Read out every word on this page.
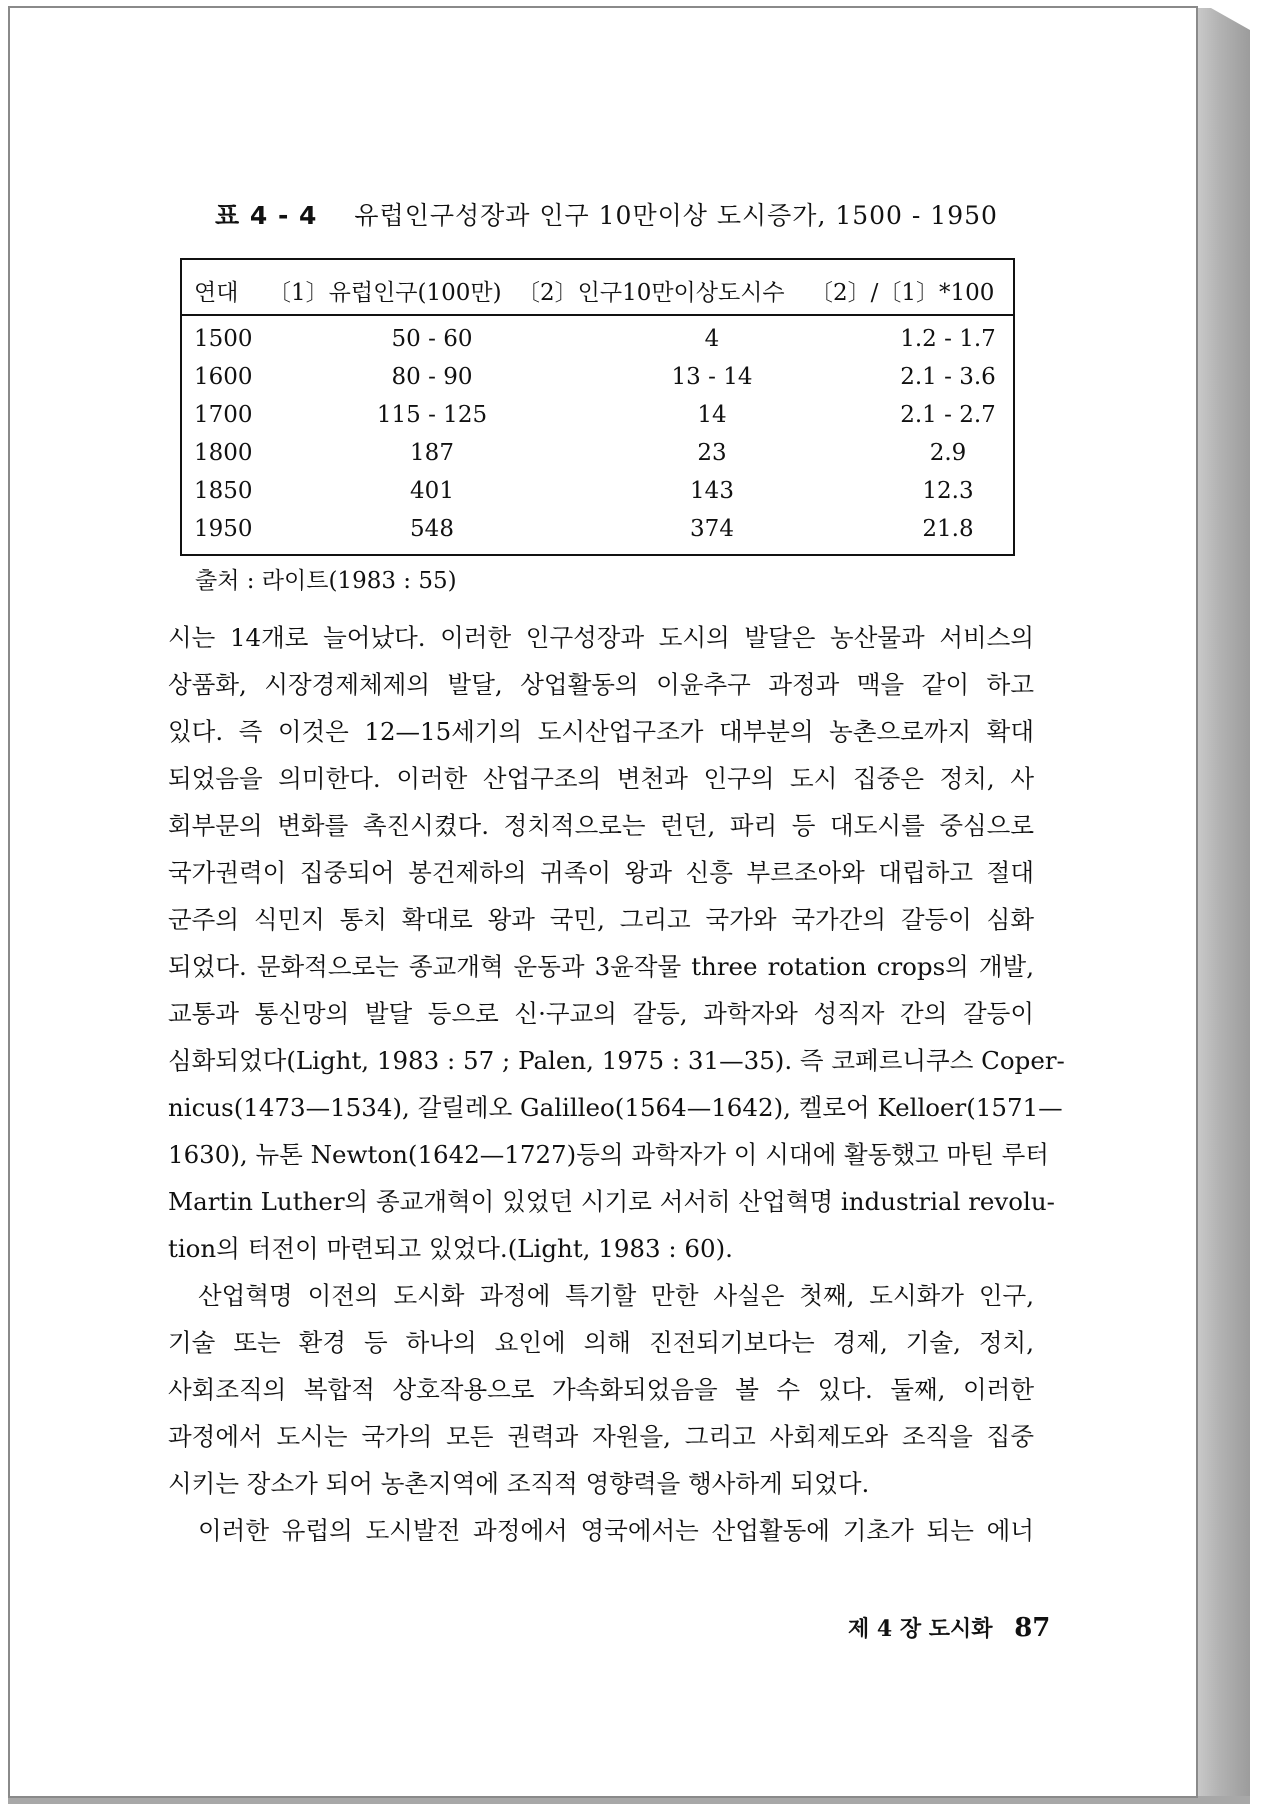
표 4 - 4 유럽인구성장과 인구 10만이상 도시증가, 1500 - 1950
연대 〔1〕유럽인구(100만) 〔2〕인구10만이상도시수 〔2〕/〔1〕*100
1500	50 - 60	4	1.2 - 1.7
1600	80 - 90	13 - 14	2.1 - 3.6
1700	115 - 125	14	2.1 - 2.7
1800	187	23	2.9
1850	401	143	12.3
1950	548	374	21.8
출처 : 라이트(1983 : 55)
시는 14개로 늘어났다. 이러한 인구성장과 도시의 발달은 농산물과 서비스의
상품화, 시장경제체제의 발달, 상업활동의 이윤추구 과정과 맥을 같이 하고
있다. 즉 이것은 12—15세기의 도시산업구조가 대부분의 농촌으로까지 확대
되었음을 의미한다. 이러한 산업구조의 변천과 인구의 도시 집중은 정치, 사
회부문의 변화를 촉진시켰다. 정치적으로는 런던, 파리 등 대도시를 중심으로
국가권력이 집중되어 봉건제하의 귀족이 왕과 신흥 부르조아와 대립하고 절대
군주의 식민지 통치 확대로 왕과 국민, 그리고 국가와 국가간의 갈등이 심화
되었다. 문화적으로는 종교개혁 운동과 3윤작물 three rotation crops의 개발,
교통과 통신망의 발달 등으로 신·구교의 갈등, 과학자와 성직자 간의 갈등이
심화되었다(Light, 1983 : 57 ; Palen, 1975 : 31—35). 즉 코페르니쿠스 Coper-
nicus(1473—1534), 갈릴레오 Galilleo(1564—1642), 켈로어 Kelloer(1571—
1630), 뉴톤 Newton(1642—1727)등의 과학자가 이 시대에 활동했고 마틴 루터
Martin Luther의 종교개혁이 있었던 시기로 서서히 산업혁명 industrial revolu-
tion의 터전이 마련되고 있었다.(Light, 1983 : 60).
산업혁명 이전의 도시화 과정에 특기할 만한 사실은 첫째, 도시화가 인구,
기술 또는 환경 등 하나의 요인에 의해 진전되기보다는 경제, 기술, 정치,
사회조직의 복합적 상호작용으로 가속화되었음을 볼 수 있다. 둘째, 이러한
과정에서 도시는 국가의 모든 권력과 자원을, 그리고 사회제도와 조직을 집중
시키는 장소가 되어 농촌지역에 조직적 영향력을 행사하게 되었다.
이러한 유럽의 도시발전 과정에서 영국에서는 산업활동에 기초가 되는 에너
제 4 장 도시화 87
